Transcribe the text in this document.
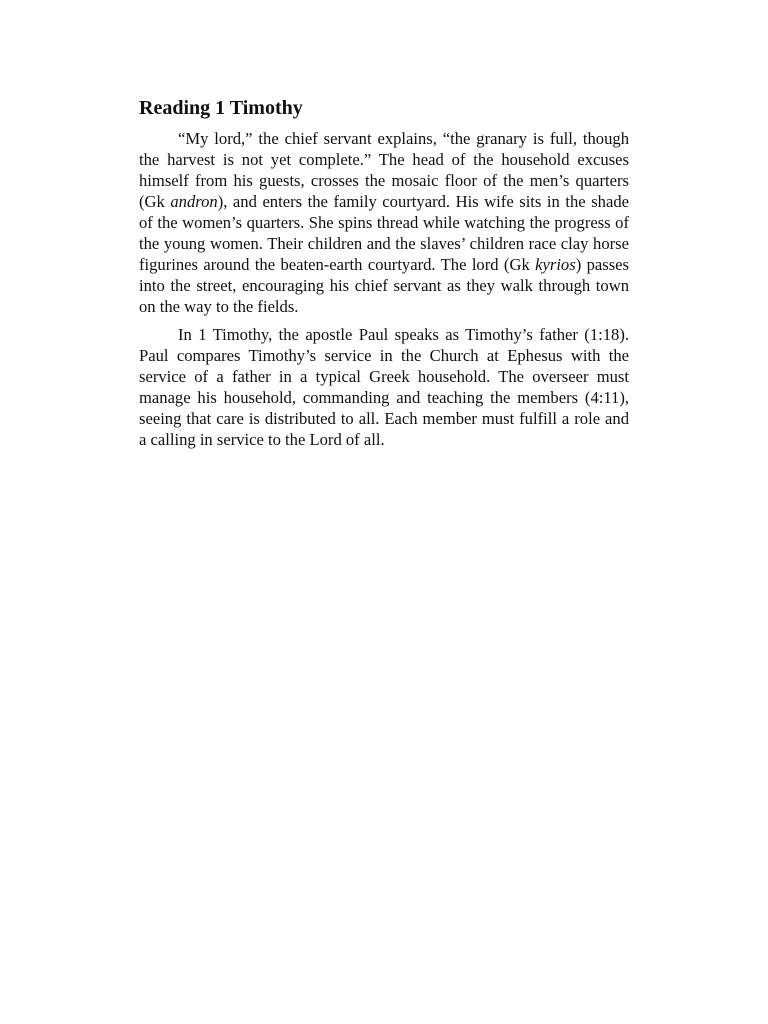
Reading 1 Timothy

“My lord,” the chief servant explains, “the granary is full, though the harvest is not yet complete.” The head of the household excuses himself from his guests, crosses the mosaic floor of the men’s quarters (Gk andron), and enters the family courtyard. His wife sits in the shade of the women’s quarters. She spins thread while watching the progress of the young women. Their children and the slaves’ children race clay horse figurines around the beaten-earth courtyard. The lord (Gk kyrios) passes into the street, encouraging his chief servant as they walk through town on the way to the fields.

In 1 Timothy, the apostle Paul speaks as Timothy’s father (1:18). Paul compares Timothy’s service in the Church at Ephesus with the service of a father in a typical Greek household. The overseer must manage his household, commanding and teaching the members (4:11), seeing that care is distributed to all. Each member must fulfill a role and a calling in service to the Lord of all.
